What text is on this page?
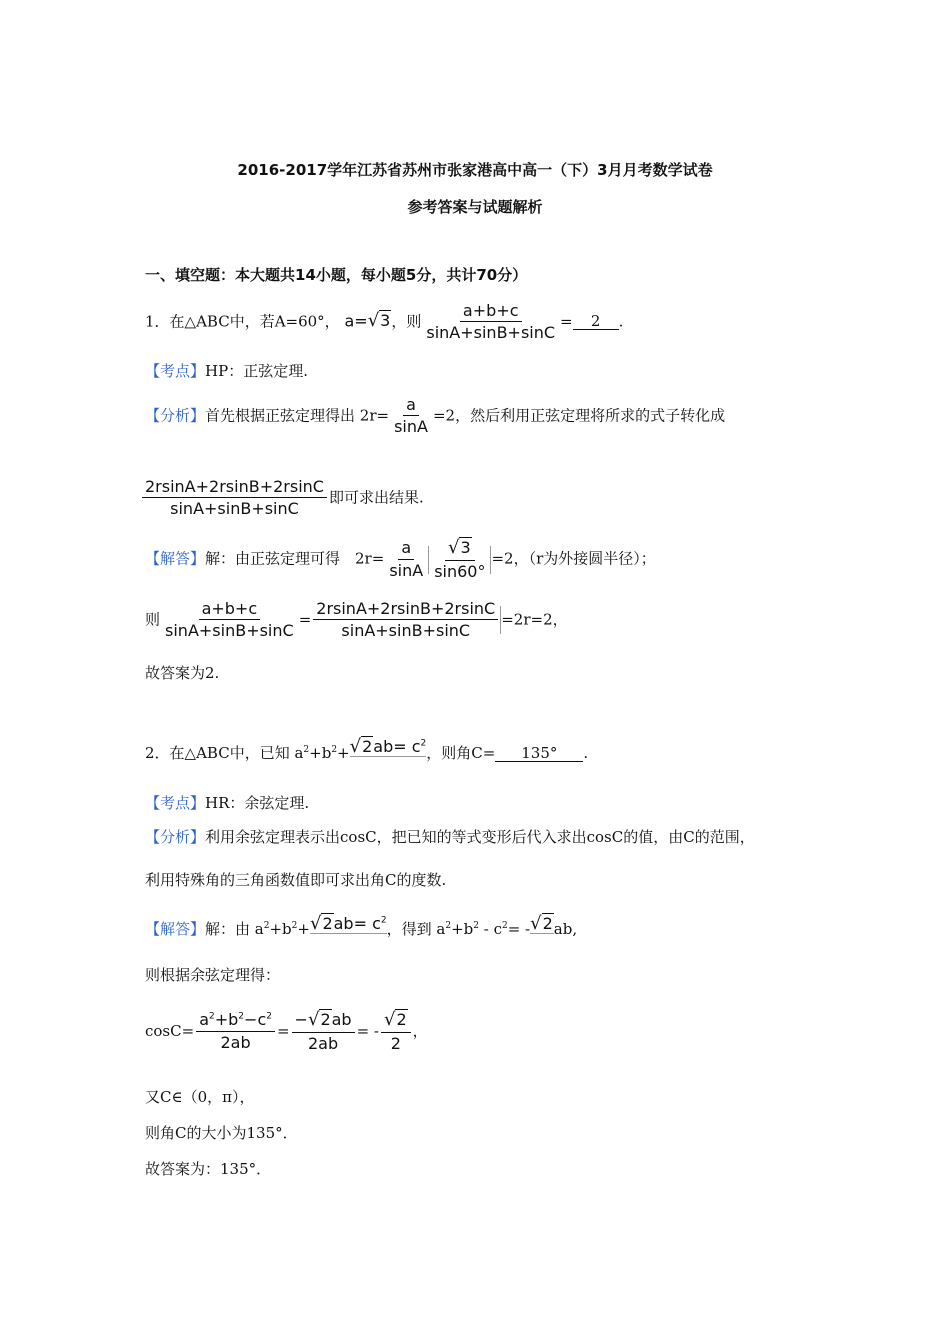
2016-2017学年江苏省苏州市张家港高中高一（下）3月月考数学试卷
参考答案与试题解析
一、填空题：本大题共14小题，每小题5分，共计70分）
1．在△ABC中，若A=60°， a=√3，则 $\frac{a+b+c}{\sin A+\sin B+\sin C} = 2$ .
【考点】HP：正弦定理.
【分析】首先根据正弦定理得出 $2r= \frac{a}{\sin A} =2$，然后利用正弦定理将所求的式子转化成
$\frac{2rsinA+2rsinB+2rsinC}{\sin A+\sin B+\sin C}$ 即可求出结果.
【解答】解：由正弦定理可得　$2r= \frac{a}{\sin A} \frac{√3}{\sin 60^\circ} =2$，（r为外接圆半径）；
则 $\frac{a+b+c}{\sin A+\sin B+\sin C} = \frac{2rsinA+2rsinB+2rsinC}{\sin A+\sin B+\sin C} =2r=2$，
故答案为2.
2．在△ABC中，已知 $a^2+b^2+√2ab= c^2$，则角C= 135° .
【考点】HR：余弦定理.
【分析】利用余弦定理表示出cosC，把已知的等式变形后代入求出cosC的值，由C的范围，
利用特殊角的三角函数值即可求出角C的度数.
【解答】解：由 $a^2+b^2+√2ab= c^2$，得到 $a^2+b^2 - c^2= -√2ab$,
则根据余弦定理得：
$\cos C= \frac{a^2+b^2-c^2}{2ab} = \frac{-√2ab}{2ab}$ = - $\frac{√2}{2}$ ，
又C∈（0，π），
则角C的大小为135°．
故答案为：135°．
